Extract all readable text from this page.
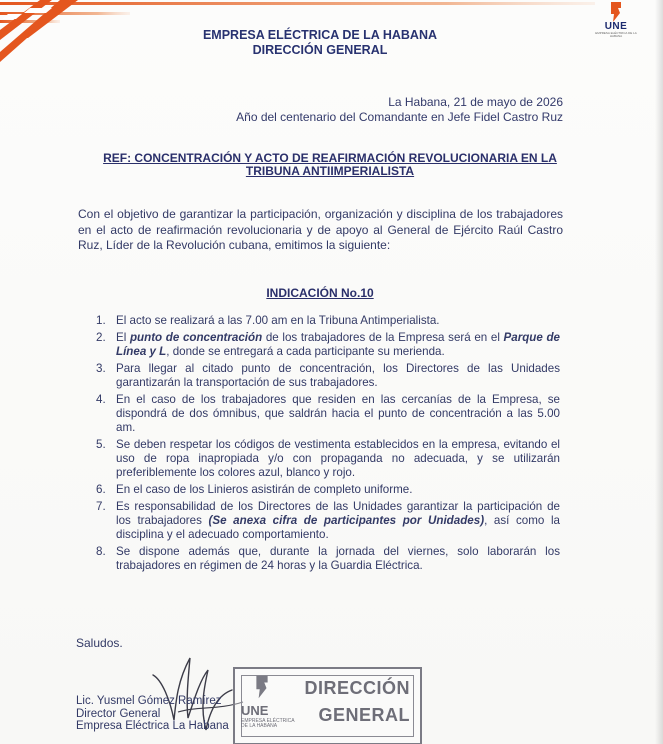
UNE
EMPRESA ELÉCTRICA DE LA HABANA
EMPRESA ELÉCTRICA DE LA HABANA
DIRECCIÓN GENERAL
La Habana, 21 de mayo de 2026
Año del centenario del Comandante en Jefe Fidel Castro Ruz
REF: CONCENTRACIÓN Y ACTO DE REAFIRMACIÓN REVOLUCIONARIA EN LA
TRIBUNA ANTIIMPERIALISTA
Con el objetivo de garantizar la participación, organización y disciplina de los trabajadores en el acto de reafirmación revolucionaria y de apoyo al General de Ejército Raúl Castro Ruz, Líder de la Revolución cubana, emitimos la siguiente:
INDICACIÓN No.10
1. El acto se realizará a las 7.00 am en la Tribuna Antimperialista.
2. El punto de concentración de los trabajadores de la Empresa será en el Parque de Línea y L, donde se entregará a cada participante su merienda.
3. Para llegar al citado punto de concentración, los Directores de las Unidades garantizarán la transportación de sus trabajadores.
4. En el caso de los trabajadores que residen en las cercanías de la Empresa, se dispondrá de dos ómnibus, que saldrán hacia el punto de concentración a las 5.00 am.
5. Se deben respetar los códigos de vestimenta establecidos en la empresa, evitando el uso de ropa inapropiada y/o con propaganda no adecuada, y se utilizarán preferiblemente los colores azul, blanco y rojo.
6. En el caso de los Linieros asistirán de completo uniforme.
7. Es responsabilidad de los Directores de las Unidades garantizar la participación de los trabajadores (Se anexa cifra de participantes por Unidades), así como la disciplina y el adecuado comportamiento.
8. Se dispone además que, durante la jornada del viernes, solo laborarán los trabajadores en régimen de 24 horas y la Guardia Eléctrica.
Saludos.
Lic. Yusmel Gómez Ramírez
Director General
Empresa Eléctrica La Habana
UNE
EMPRESA ELÉCTRICA DE LA HABANA
DIRECCIÓN
GENERAL
